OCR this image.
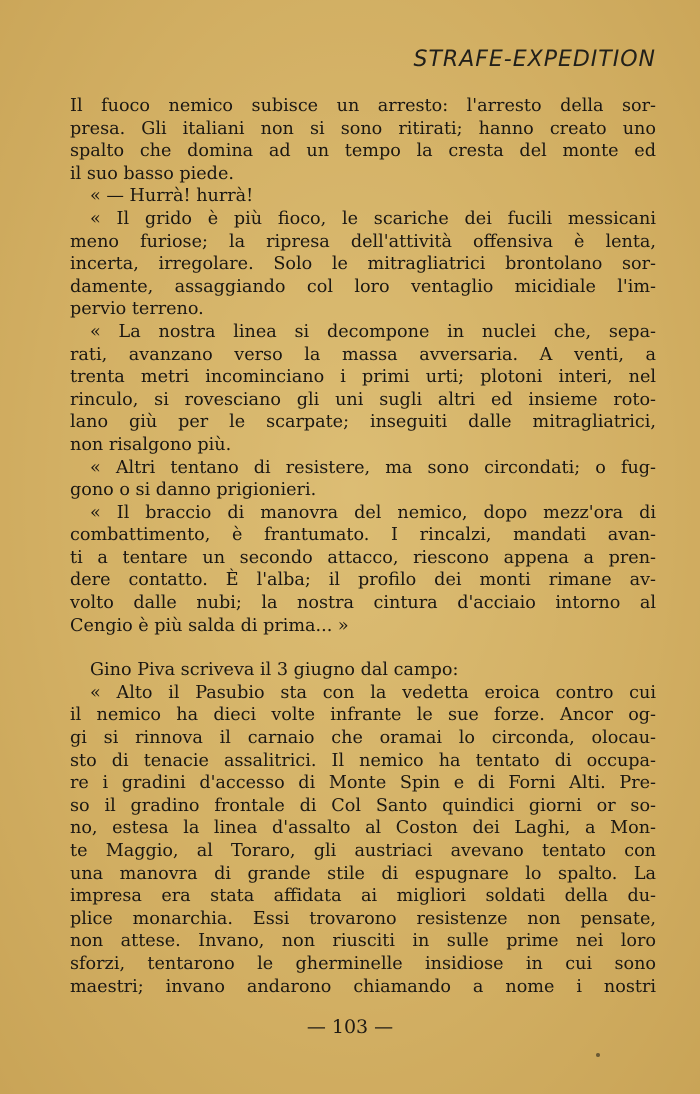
STRAFE-EXPEDITION
Il fuoco nemico subisce un arresto: l'arresto della sor-
presa. Gli italiani non si sono ritirati; hanno creato uno
spalto che domina ad un tempo la cresta del monte ed
il suo basso piede.
« — Hurrà! hurrà!
« Il grido è più fioco, le scariche dei fucili messicani
meno furiose; la ripresa dell'attività offensiva è lenta,
incerta, irregolare. Solo le mitragliatrici brontolano sor-
damente, assaggiando col loro ventaglio micidiale l'im-
pervio terreno.
« La nostra linea si decompone in nuclei che, sepa-
rati, avanzano verso la massa avversaria. A venti, a
trenta metri incominciano i primi urti; plotoni interi, nel
rinculo, si rovesciano gli uni sugli altri ed insieme roto-
lano giù per le scarpate; inseguiti dalle mitragliatrici,
non risalgono più.
« Altri tentano di resistere, ma sono circondati; o fug-
gono o si danno prigionieri.
« Il braccio di manovra del nemico, dopo mezz'ora di
combattimento, è frantumato. I rincalzi, mandati avan-
ti a tentare un secondo attacco, riescono appena a pren-
dere contatto. È l'alba; il profilo dei monti rimane av-
volto dalle nubi; la nostra cintura d'acciaio intorno al
Cengio è più salda di prima... »
Gino Piva scriveva il 3 giugno dal campo:
« Alto il Pasubio sta con la vedetta eroica contro cui
il nemico ha dieci volte infrante le sue forze. Ancor og-
gi si rinnova il carnaio che oramai lo circonda, olocau-
sto di tenacie assalitrici. Il nemico ha tentato di occupa-
re i gradini d'accesso di Monte Spin e di Forni Alti. Pre-
so il gradino frontale di Col Santo quindici giorni or so-
no, estesa la linea d'assalto al Coston dei Laghi, a Mon-
te Maggio, al Toraro, gli austriaci avevano tentato con
una manovra di grande stile di espugnare lo spalto. La
impresa era stata affidata ai migliori soldati della du-
plice monarchia. Essi trovarono resistenze non pensate,
non attese. Invano, non riusciti in sulle prime nei loro
sforzi, tentarono le gherminelle insidiose in cui sono
maestri; invano andarono chiamando a nome i nostri
— 103 —
